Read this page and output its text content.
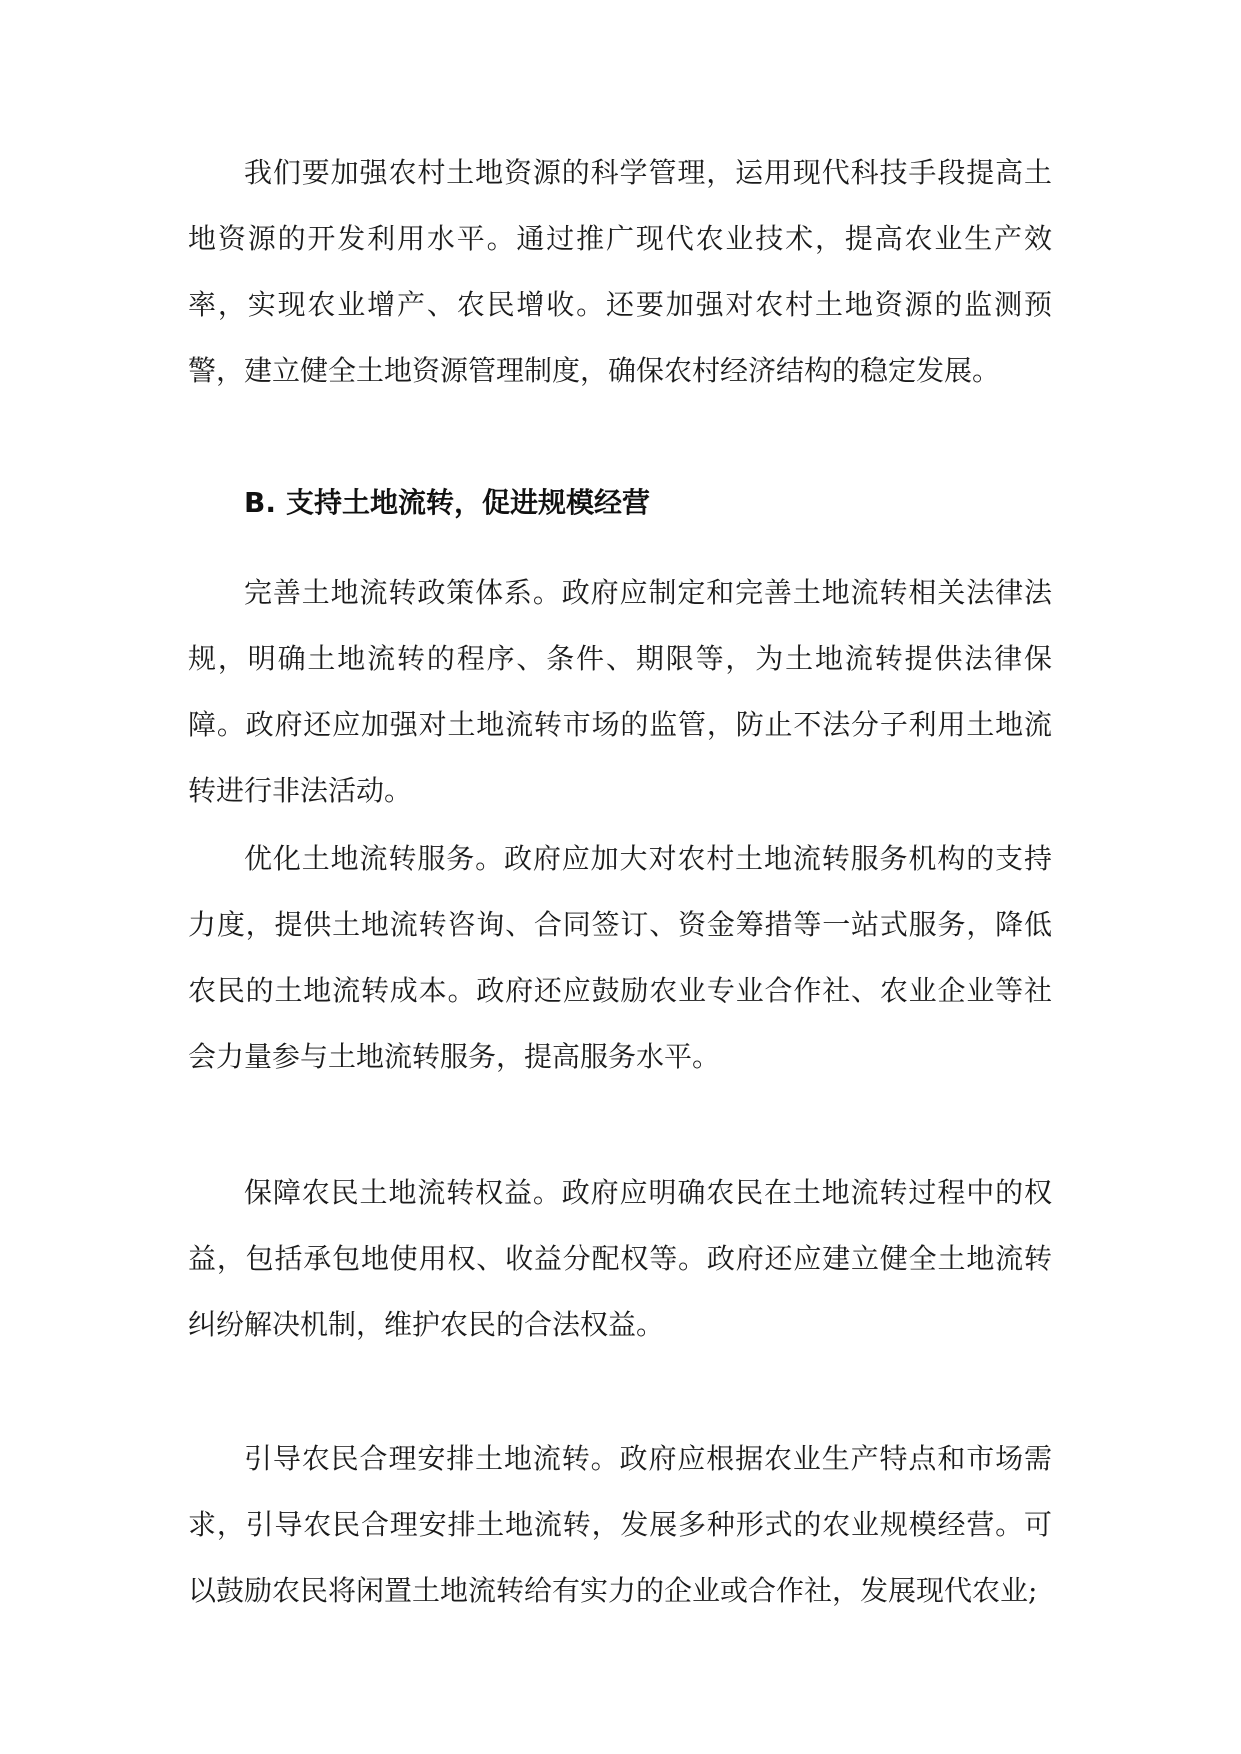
我们要加强农村土地资源的科学管理，运用现代科技手段提高土地资源的开发利用水平。通过推广现代农业技术，提高农业生产效率，实现农业增产、农民增收。还要加强对农村土地资源的监测预警，建立健全土地资源管理制度，确保农村经济结构的稳定发展。

B. 支持土地流转，促进规模经营

完善土地流转政策体系。政府应制定和完善土地流转相关法律法规，明确土地流转的程序、条件、期限等，为土地流转提供法律保障。政府还应加强对土地流转市场的监管，防止不法分子利用土地流转进行非法活动。

优化土地流转服务。政府应加大对农村土地流转服务机构的支持力度，提供土地流转咨询、合同签订、资金筹措等一站式服务，降低农民的土地流转成本。政府还应鼓励农业专业合作社、农业企业等社会力量参与土地流转服务，提高服务水平。

保障农民土地流转权益。政府应明确农民在土地流转过程中的权益，包括承包地使用权、收益分配权等。政府还应建立健全土地流转纠纷解决机制，维护农民的合法权益。

引导农民合理安排土地流转。政府应根据农业生产特点和市场需求，引导农民合理安排土地流转，发展多种形式的农业规模经营。可以鼓励农民将闲置土地流转给有实力的企业或合作社，发展现代农业;
